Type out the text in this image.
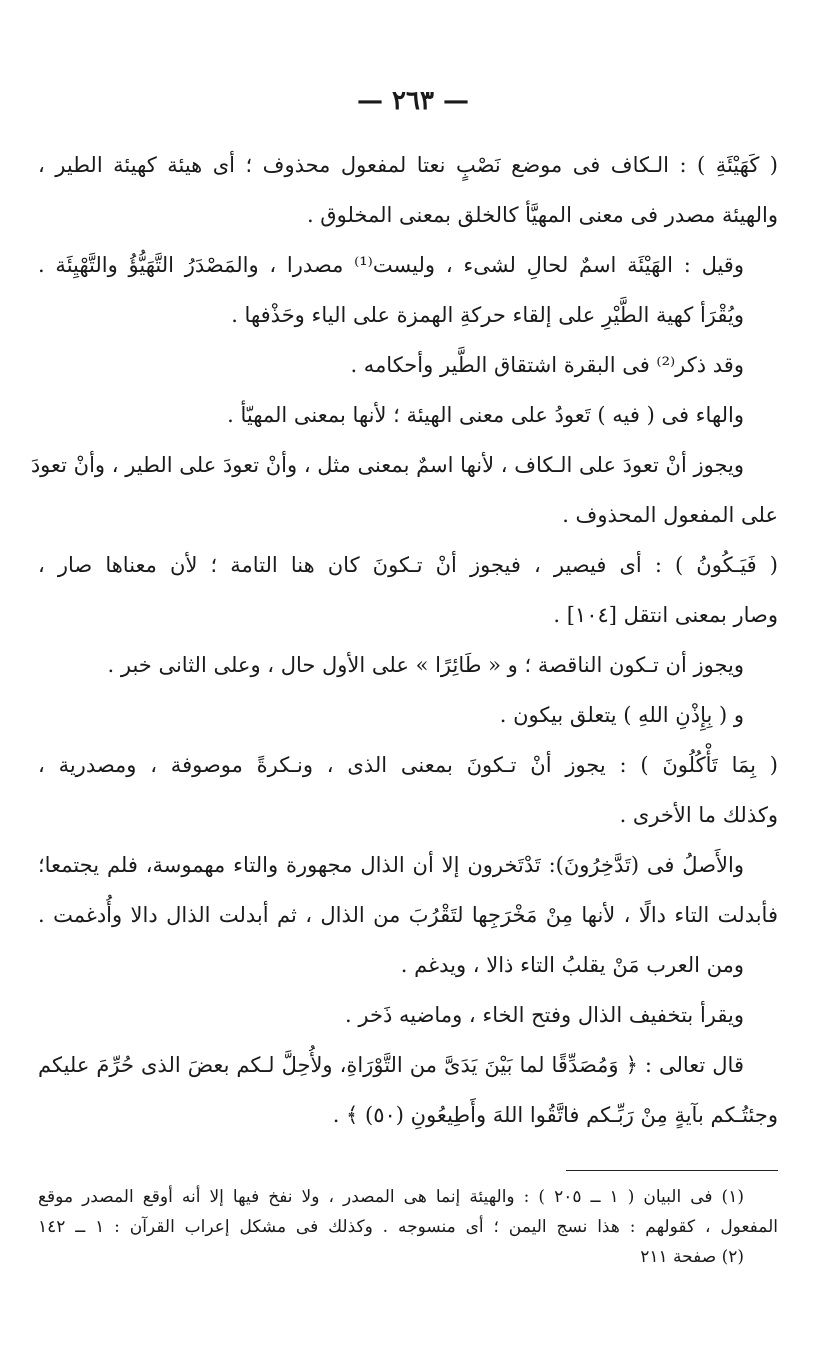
— ٢٦٣ —
( كَهَيْئَةِ ) : الـكاف فى موضع نَصْبٍ نعتا لمفعول محذوف ؛ أى هيئة كهيئة الطير ،
والهيئة مصدر فى معنى المهيَّأ كالخلق بمعنى المخلوق .
وقيل : الهَيْئَة اسمٌ لحالِ لشىء ، وليست⁽¹⁾ مصدرا ، والمَصْدَرُ التَّهَيُّؤُ والتَّهْيِئَة .
ويُقْرَأ كهية الطَّيْرِ على إلقاء حركةِ الهمزة على الياء وحَذْفها .
وقد ذكر⁽²⁾ فى البقرة اشتقاق الطَّير وأحكامه .
والهاء فى ( فيه ) تَعودُ على معنى الهيئة ؛ لأنها بمعنى المهيّأ .
ويجوز أنْ تعودَ على الـكاف ، لأنها اسمٌ بمعنى مثل ، وأنْ تعودَ على الطير ، وأنْ تعودَ
على المفعول المحذوف .
( فَيَـكُونُ ) : أى فيصير ، فيجوز أنْ تـكونَ كان هنا التامة ؛ لأن معناها صار ،
وصار بمعنى انتقل [١٠٤] .
ويجوز أن تـكون الناقصة ؛ و « طَائِرًا » على الأول حال ، وعلى الثانى خبر .
و ( بِإِذْنِ اللهِ ) يتعلق بيكون .
( بِمَا تَأْكُلُونَ ) : يجوز أنْ تـكونَ بمعنى الذى ، ونـكرةً موصوفة ، ومصدرية ،
وكذلك ما الأخرى .
والأَصلُ فى (تَدَّخِرُونَ): تَدْتَخرون إلا أن الذال مجهورة والتاء مهموسة، فلم يجتمعا؛
فأبدلت التاء دالًا ، لأنها مِنْ مَخْرَجِها لتَقْرُبَ من الذال ، ثم أبدلت الذال دالا وأُدغمت .
ومن العرب مَنْ يقلبُ التاء ذالا ، ويدغم .
ويقرأ بتخفيف الذال وفتح الخاء ، وماضيه ذَخر .
قال تعالى : ﴿ وَمُصَدِّقًا لما بَيْنَ يَدَىَّ من التَّوْرَاةِ، ولأُحِلَّ لـكم بعضَ الذى حُرِّمَ عليكم
وجئتُـكم بآيةٍ مِنْ رَبِّـكم فاتَّقُوا اللهَ وأَطِيعُونِ (٥٠) ﴾ .
(١) فى البيان ( ١ ــ ٢٠٥ ) : والهيئة إنما هى المصدر ، ولا نفخ فيها إلا أنه أوقع المصدر موقع
المفعول ، كقولهم : هذا نسج اليمن ؛ أى منسوجه . وكذلك فى مشكل إعراب القرآن : ١ ــ ١٤٢
(٢) صفحة ٢١١
